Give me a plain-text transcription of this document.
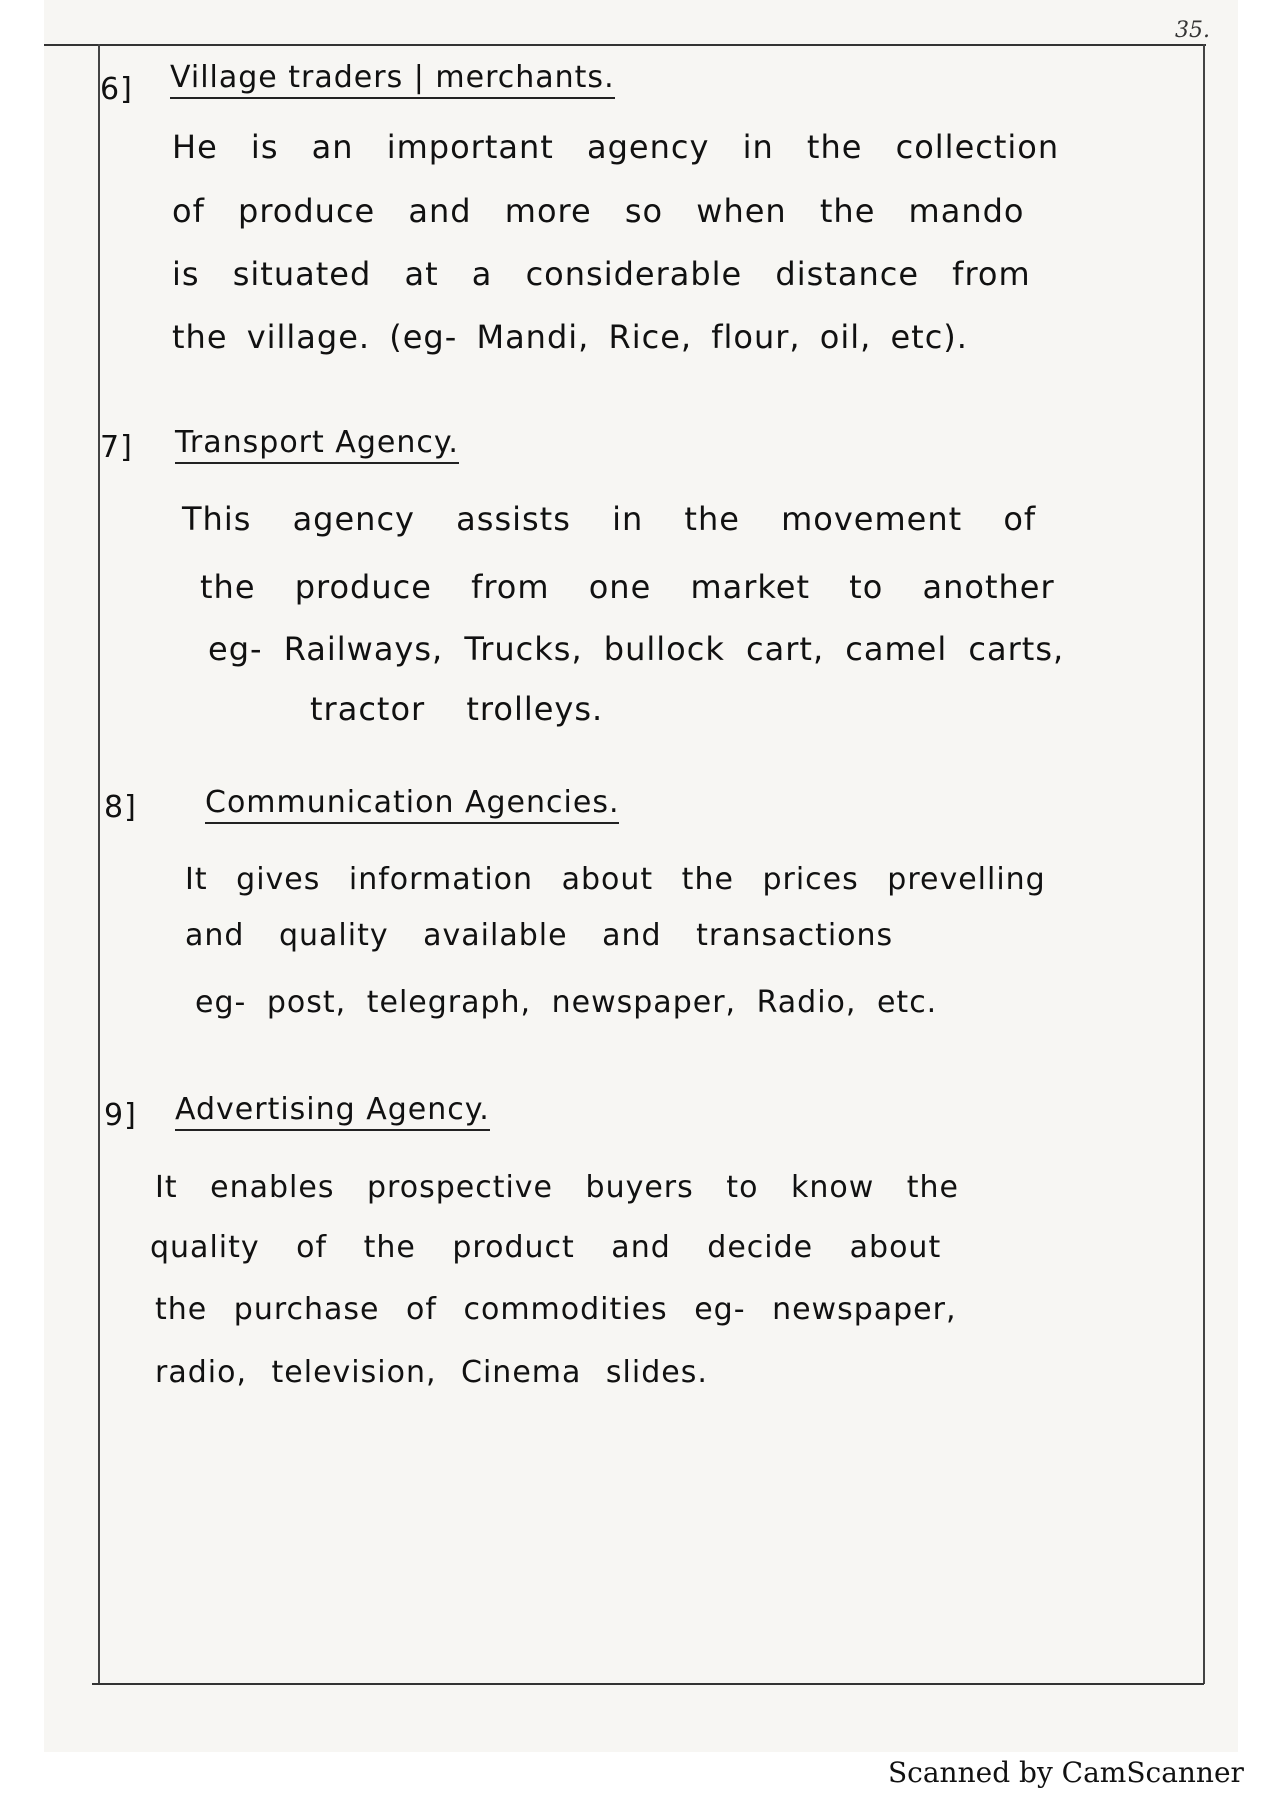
35.
6] Village traders | merchants.
He is an important agency in the collection
of produce and more so when the mando
is situated at a considerable distance from
the village. (eg- Mandi, Rice, flour, oil, etc).
7] Transport Agency.
This agency assists in the movement of
the produce from one market to another
eg- Railways, Trucks, bullock cart, camel carts,
tractor trolleys.
8] Communication Agencies.
It gives information about the prices prevelling
and quality available and transactions
eg- post, telegraph, newspaper, Radio, etc.
9] Advertising Agency.
It enables prospective buyers to know the
quality of the product and decide about
the purchase of commodities eg- newspaper,
radio, television, Cinema slides.
Scanned by CamScanner
